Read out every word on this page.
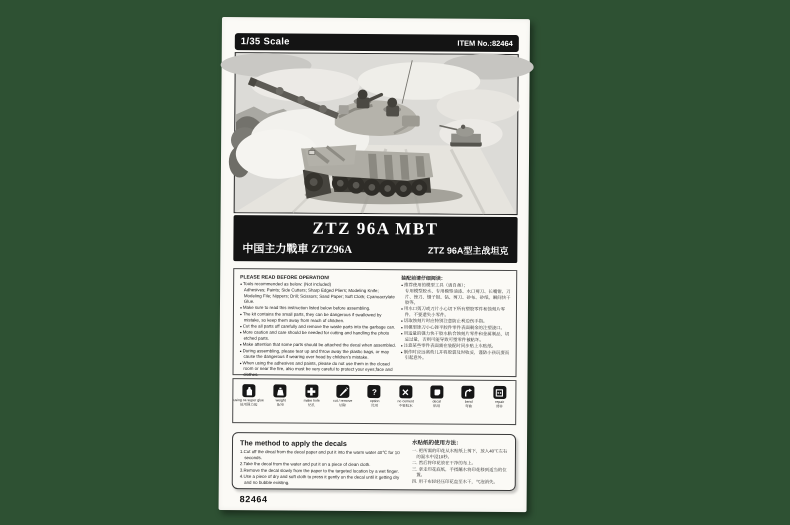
1/35 Scale	ITEM No.:82464
ZTZ 96A MBT
中国主力戰車 ZTZ96A	ZTZ 96A型主战坦克
PLEASE READ BEFORE OPERATION!
● Tools recommended as below: (Not included)
Adhesives; Paints; Side Cutters; Sharp Edged Pliers; Modeling Knife; Modeling File; Nippers; Drill; Scissors; Sand Paper; Soft Cloth; Cyanoacrylate Glue.
● Make sure to read this instruction listed below before assembling.
● The kit contains the small parts, they can be dangerous if swallowed by mistake, so keep them away from reach of children.
● Cut the all parts off carefully and remove the waste parts into the garbage can.
● More caution and care should be needed for cutting and handling the photo etched parts.
● Make attention that some parts should be attached the decal when assembled.
● During assembling, please tear up and throw away the plastic bags, or may cause the dangerous if wearing over head by children's mistake.
● When using the adhesives and paints, please do not use them in the closed room or near the fire, also must be very careful to protect your eyes,face and clothes.
●
装配前请仔细阅读：
● 推荐使用的模型工具（请自备）；
专用模型胶水、专用模型油漆、水口剪刀、长嘴钳、刀片、锉刀、镊子钳、钻、剪刀、砂布、砂纸、瞬间快干胶等。
● 用水口剪刀或刀片小心切下所有塑胶零件和蚀刻片零件，不要遗失小零件。
● 切取蚀刻片时应特别注意防止利边伤手指。
● 用模型锉刀小心锉平胶件零件表面剩余的注塑浇口。
● 用适量的强力快干胶水粘合蚀刻片零件和金属制品，切忌过量，否则可能导致可塑零件被粘坏。
● 注意某些零件表面需在装配时同步贴上水贴纸。
● 制作时应远离幼儿并将胶袋及时收妥，谨防小孩玩耍而引起意外。
using ca super glue
使用强力胶
weight
配重
make hole
钻孔
cut / remove
切除
?
option
选用
no cement
不要胶水
decal
贴纸
bend
弯曲
repair
修补
The method to apply the decals
1.Cut off the decal from the decal paper and put it into the warm water 40℃ for 10 seconds.
2.Take the decal from the water and put it on a piece of clean cloth.
3.Remove the decal slowly from the paper to the targeted location by a wet finger.
4.Use a piece of dry and soft cloth to press it gently on the decal until it getting dry and no bubble existing.
水贴纸的使用方法：
一. 把所需的印花从水贴纸上剪下，放入40℃左右的温水中浸10秒。
二. 然后将印花放在干净的布上。
三. 拿走印花底纸，手指蘸水将印花移到适当的位置。
四. 用干布轻轻压印花直至水干，气泡消失。
82464
